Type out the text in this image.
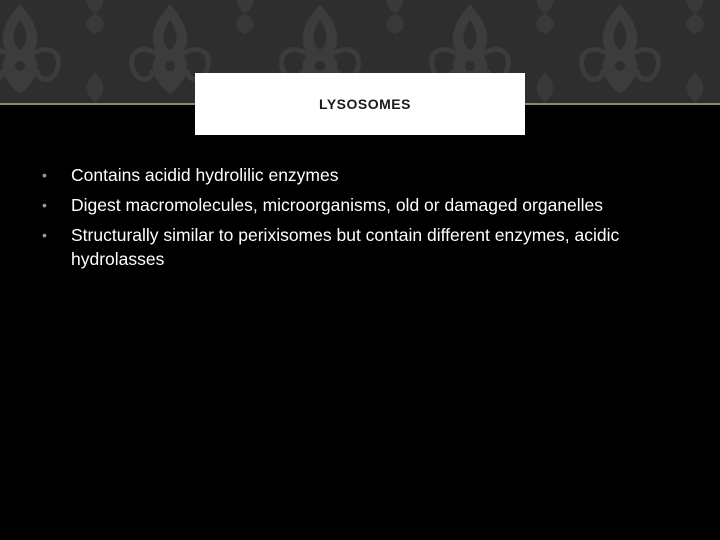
LYSOSOMES
• Contains acidid hydrolilic enzymes
• Digest macromolecules, microorganisms, old or damaged organelles
• Structurally similar to perixisomes but contain different enzymes, acidic hydrolasses
